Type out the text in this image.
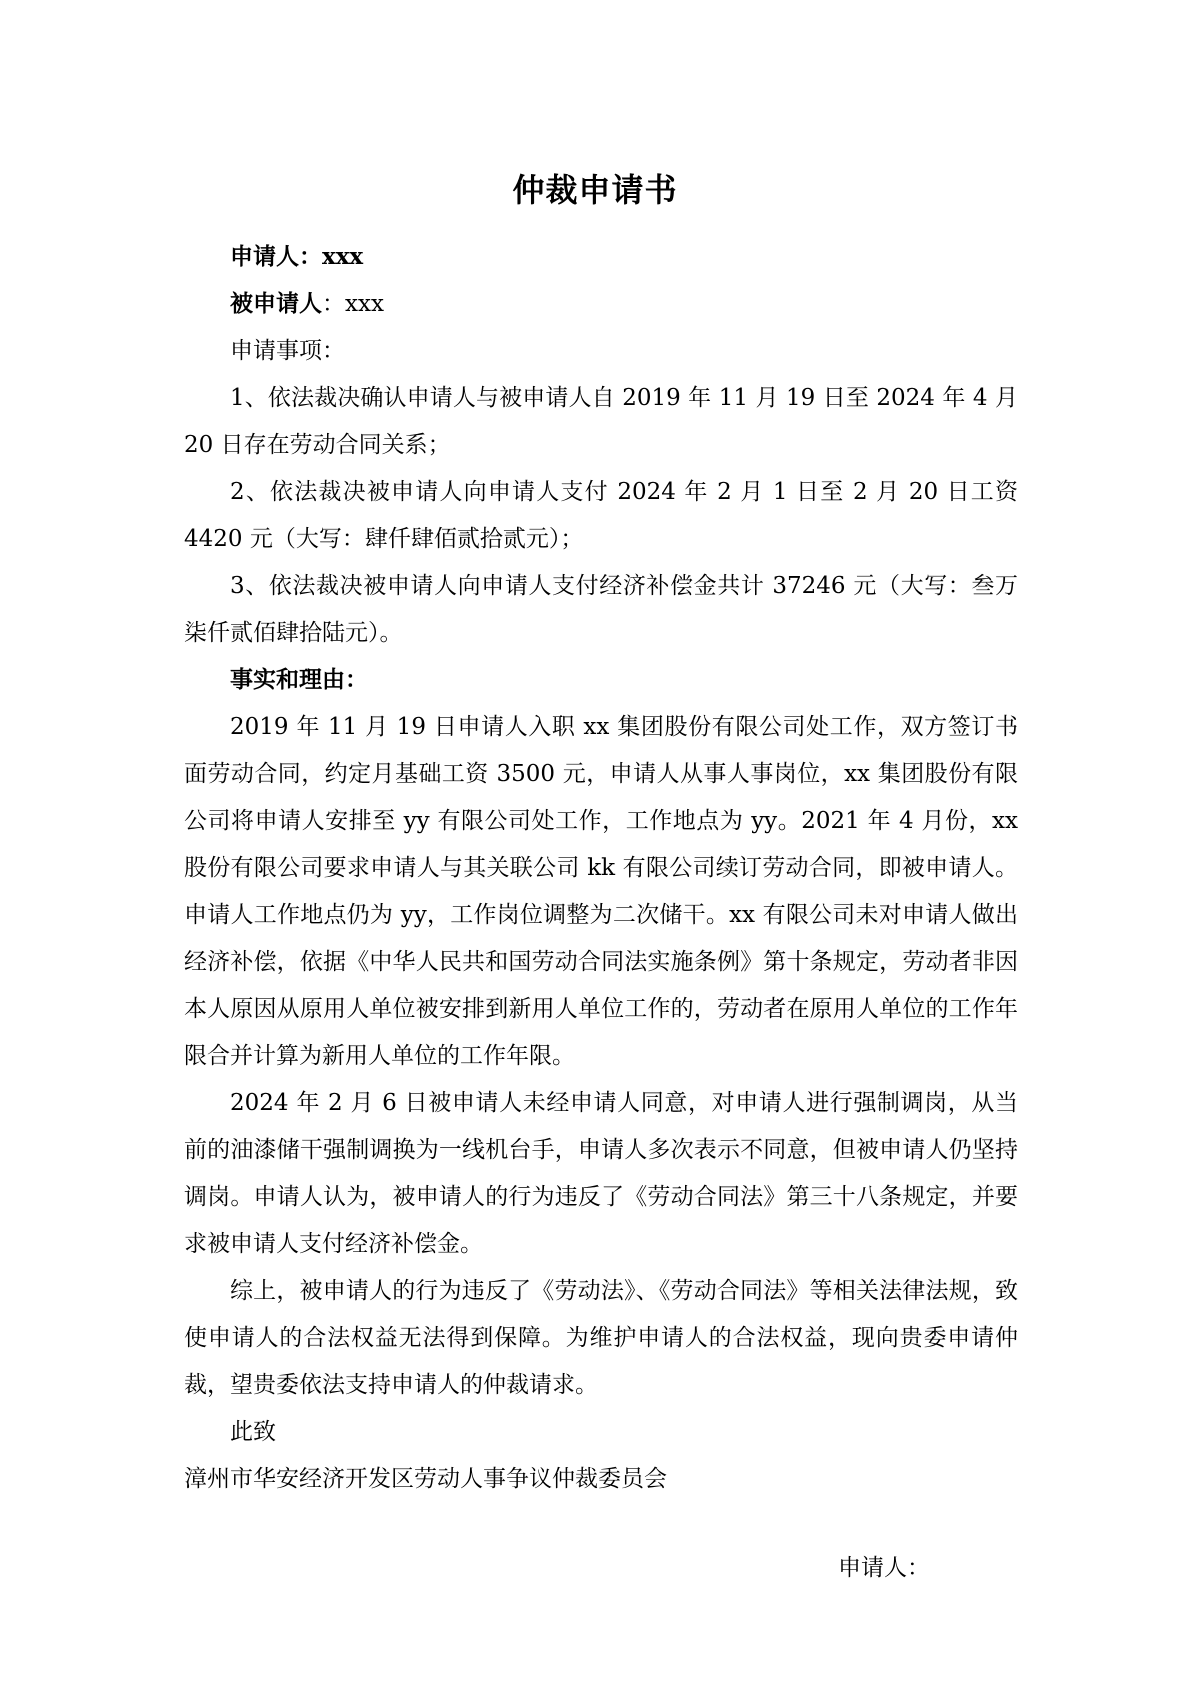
仲裁申请书

申请人：xxx

被申请人：xxx

申请事项：

1、依法裁决确认申请人与被申请人自 2019 年 11 月 19 日至 2024 年 4 月 20 日存在劳动合同关系；

2、依法裁决被申请人向申请人支付 2024 年 2 月 1 日至 2 月 20 日工资 4420 元（大写：肆仟肆佰贰拾贰元）；

3、依法裁决被申请人向申请人支付经济补偿金共计 37246 元（大写：叁万柒仟贰佰肆拾陆元）。

事实和理由：

2019 年 11 月 19 日申请人入职 xx 集团股份有限公司处工作，双方签订书面劳动合同，约定月基础工资 3500 元，申请人从事人事岗位，xx 集团股份有限公司将申请人安排至 yy 有限公司处工作，工作地点为 yy。2021 年 4 月份，xx 股份有限公司要求申请人与其关联公司 kk 有限公司续订劳动合同，即被申请人。申请人工作地点仍为 yy，工作岗位调整为二次储干。xx 有限公司未对申请人做出经济补偿，依据《中华人民共和国劳动合同法实施条例》第十条规定，劳动者非因本人原因从原用人单位被安排到新用人单位工作的，劳动者在原用人单位的工作年限合并计算为新用人单位的工作年限。

2024 年 2 月 6 日被申请人未经申请人同意，对申请人进行强制调岗，从当前的油漆储干强制调换为一线机台手，申请人多次表示不同意，但被申请人仍坚持调岗。申请人认为，被申请人的行为违反了《劳动合同法》第三十八条规定，并要求被申请人支付经济补偿金。

综上，被申请人的行为违反了《劳动法》、《劳动合同法》等相关法律法规，致使申请人的合法权益无法得到保障。为维护申请人的合法权益，现向贵委申请仲裁，望贵委依法支持申请人的仲裁请求。

此致

漳州市华安经济开发区劳动人事争议仲裁委员会

申请人：
